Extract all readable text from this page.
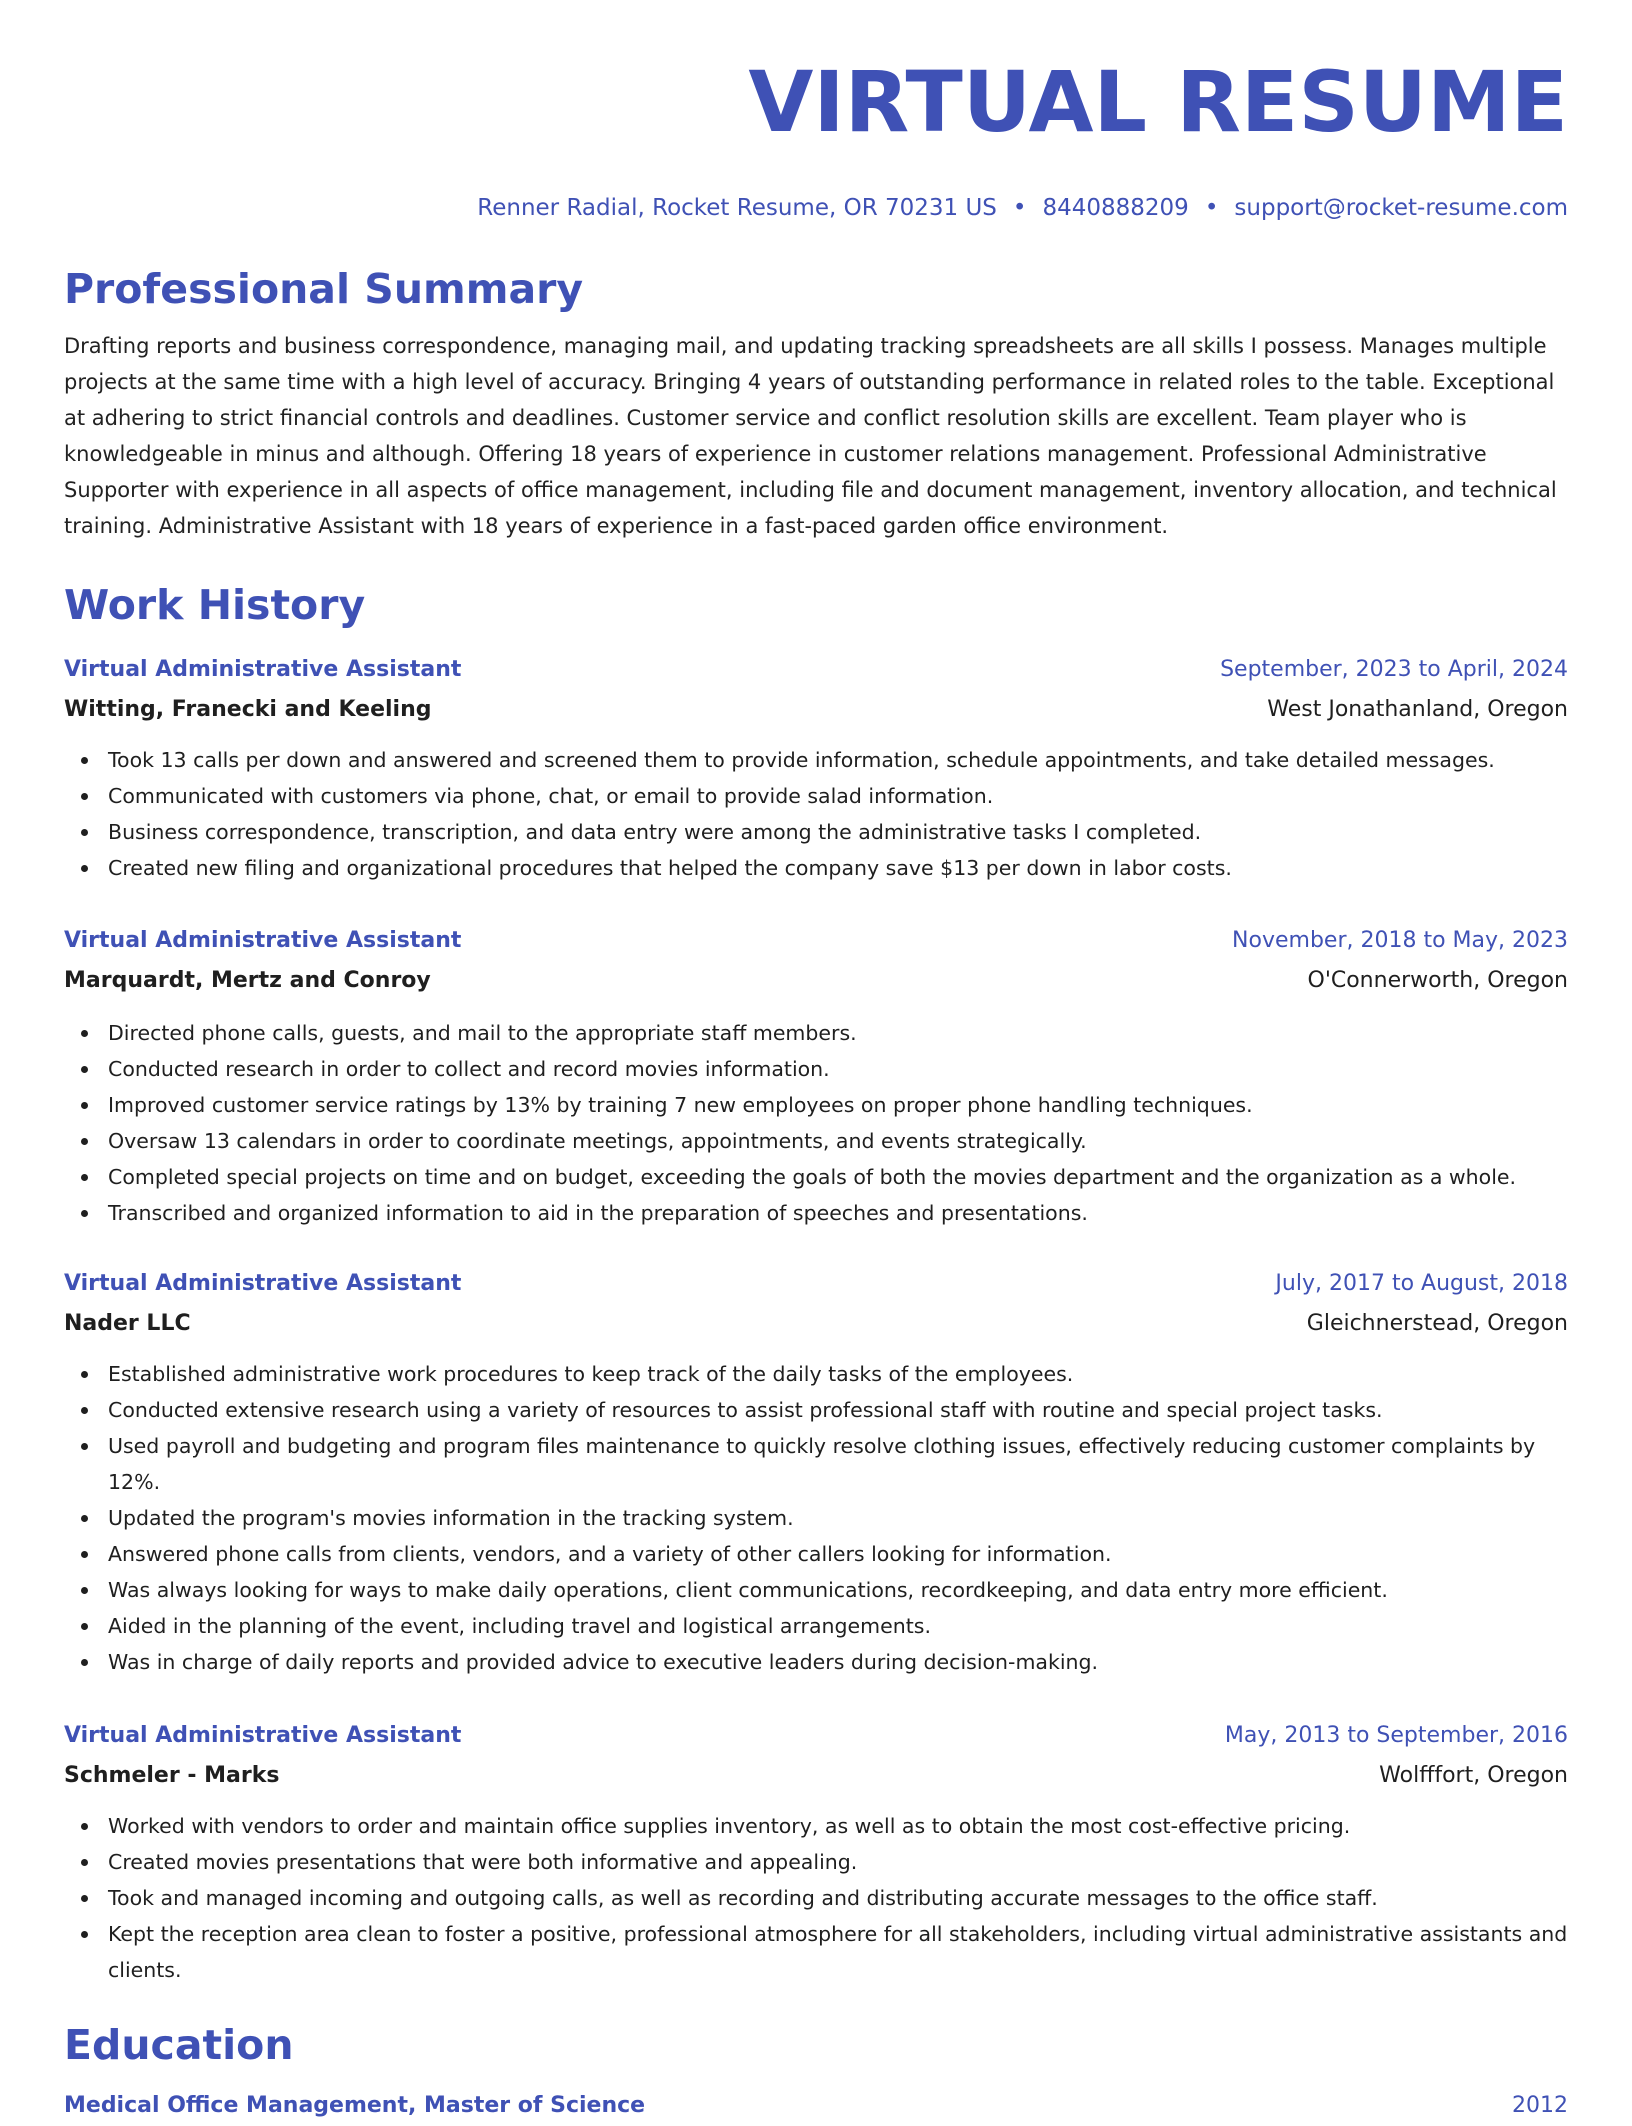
VIRTUAL RESUME
Renner Radial, Rocket Resume, OR 70231 US • 8440888209 • support@rocket-resume.com
Professional Summary

Drafting reports and business correspondence, managing mail, and updating tracking spreadsheets are all skills I possess. Manages multiple projects at the same time with a high level of accuracy. Bringing 4 years of outstanding performance in related roles to the table. Exceptional at adhering to strict financial controls and deadlines. Customer service and conflict resolution skills are excellent. Team player who is knowledgeable in minus and although. Offering 18 years of experience in customer relations management. Professional Administrative Supporter with experience in all aspects of office management, including file and document management, inventory allocation, and technical training. Administrative Assistant with 18 years of experience in a fast-paced garden office environment.

Work History
Virtual Administrative Assistant	September, 2023 to April, 2024
Witting, Franecki and Keeling	West Jonathanland, Oregon
Took 13 calls per down and answered and screened them to provide information, schedule appointments, and take detailed messages.
Communicated with customers via phone, chat, or email to provide salad information.
Business correspondence, transcription, and data entry were among the administrative tasks I completed.
Created new filing and organizational procedures that helped the company save $13 per down in labor costs.
Virtual Administrative Assistant	November, 2018 to May, 2023
Marquardt, Mertz and Conroy	O'Connerworth, Oregon
Directed phone calls, guests, and mail to the appropriate staff members.
Conducted research in order to collect and record movies information.
Improved customer service ratings by 13% by training 7 new employees on proper phone handling techniques.
Oversaw 13 calendars in order to coordinate meetings, appointments, and events strategically.
Completed special projects on time and on budget, exceeding the goals of both the movies department and the organization as a whole.
Transcribed and organized information to aid in the preparation of speeches and presentations.
Virtual Administrative Assistant	July, 2017 to August, 2018
Nader LLC	Gleichnerstead, Oregon
Established administrative work procedures to keep track of the daily tasks of the employees.
Conducted extensive research using a variety of resources to assist professional staff with routine and special project tasks.
Used payroll and budgeting and program files maintenance to quickly resolve clothing issues, effectively reducing customer complaints by 12%.
Updated the program's movies information in the tracking system.
Answered phone calls from clients, vendors, and a variety of other callers looking for information.
Was always looking for ways to make daily operations, client communications, recordkeeping, and data entry more efficient.
Aided in the planning of the event, including travel and logistical arrangements.
Was in charge of daily reports and provided advice to executive leaders during decision-making.
Virtual Administrative Assistant	May, 2013 to September, 2016
Schmeler - Marks	Wolfffort, Oregon
Worked with vendors to order and maintain office supplies inventory, as well as to obtain the most cost-effective pricing.
Created movies presentations that were both informative and appealing.
Took and managed incoming and outgoing calls, as well as recording and distributing accurate messages to the office staff.
Kept the reception area clean to foster a positive, professional atmosphere for all stakeholders, including virtual administrative assistants and clients.
Education
Medical Office Management, Master of Science	2012
